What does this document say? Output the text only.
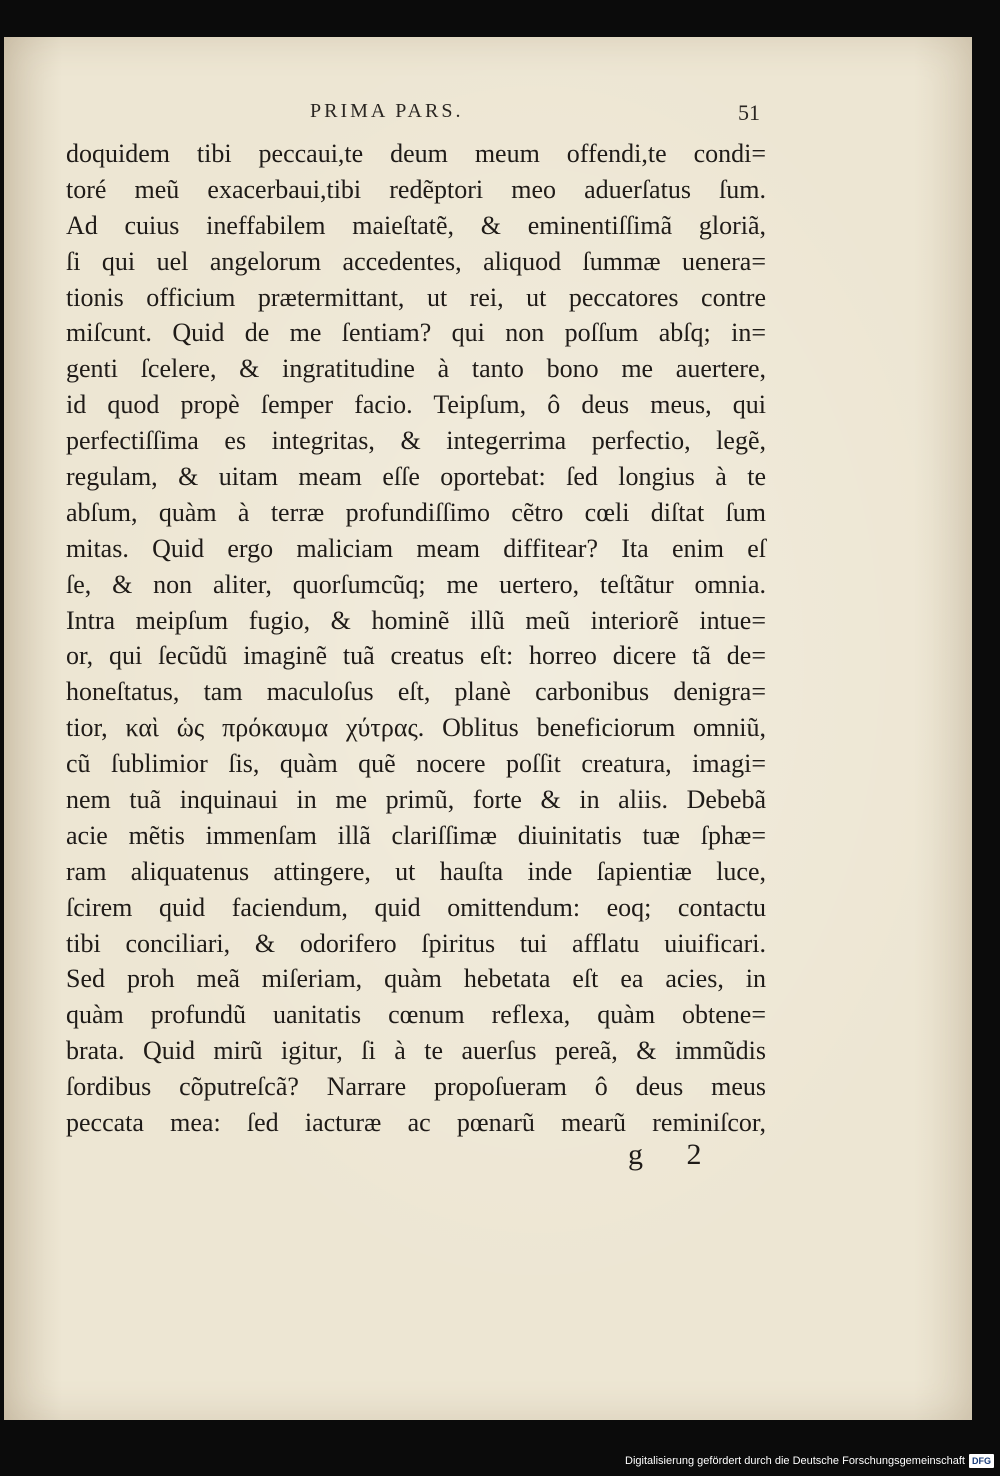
PRIMA PARS.	51
doquidem tibi peccaui,te deum meum offendi,te condi=
toré meũ exacerbaui,tibi redẽptori meo aduerſatus ſum.
Ad cuius ineffabilem maieſtatẽ, & eminentiſſimã gloriã,
ſi qui uel angelorum accedentes, aliquod ſummæ uenera=
tionis officium prætermittant, ut rei, ut peccatores contre
miſcunt. Quid de me ſentiam? qui non poſſum abſq; in=
genti ſcelere, & ingratitudine à tanto bono me auertere,
id quod propè ſemper facio. Teipſum, ô deus meus, qui
perfectiſſima es integritas, & integerrima perfectio, legẽ,
regulam, & uitam meam eſſe oportebat: ſed longius à te
abſum, quàm à terræ profundiſſimo cẽtro cœli diſtat ſum
mitas. Quid ergo maliciam meam diffitear? Ita enim eſ
ſe, & non aliter, quorſumcũq; me uertero, teſtãtur omnia.
Intra meipſum fugio, & hominẽ illũ meũ interiorẽ intue=
or, qui ſecũdũ imaginẽ tuã creatus eſt: horreo dicere tã de=
honeſtatus, tam maculoſus eſt, planè carbonibus denigra=
tior, καὶ ὡς πρόκαυμα χύτρας. Oblitus beneficiorum omniũ,
cũ ſublimior ſis, quàm quẽ nocere poſſit creatura, imagi=
nem tuã inquinaui in me primũ, forte & in aliis. Debebã
acie mẽtis immenſam illã clariſſimæ diuinitatis tuæ ſphæ=
ram aliquatenus attingere, ut hauſta inde ſapientiæ luce,
ſcirem quid faciendum, quid omittendum: eoq; contactu
tibi conciliari, & odorifero ſpiritus tui afflatu uiuificari.
Sed proh meã miſeriam, quàm hebetata eſt ea acies, in
quàm profundũ uanitatis cœnum reflexa, quàm obtene=
brata. Quid mirũ igitur, ſi à te auerſus pereã, & immũdis
ſordibus cõputreſcã? Narrare propoſueram ô deus meus
peccata mea: ſed iacturæ ac pœnarũ mearũ reminiſcor,
g 2
Digitalisierung gefördert durch die Deutsche Forschungsgemeinschaft DFG
